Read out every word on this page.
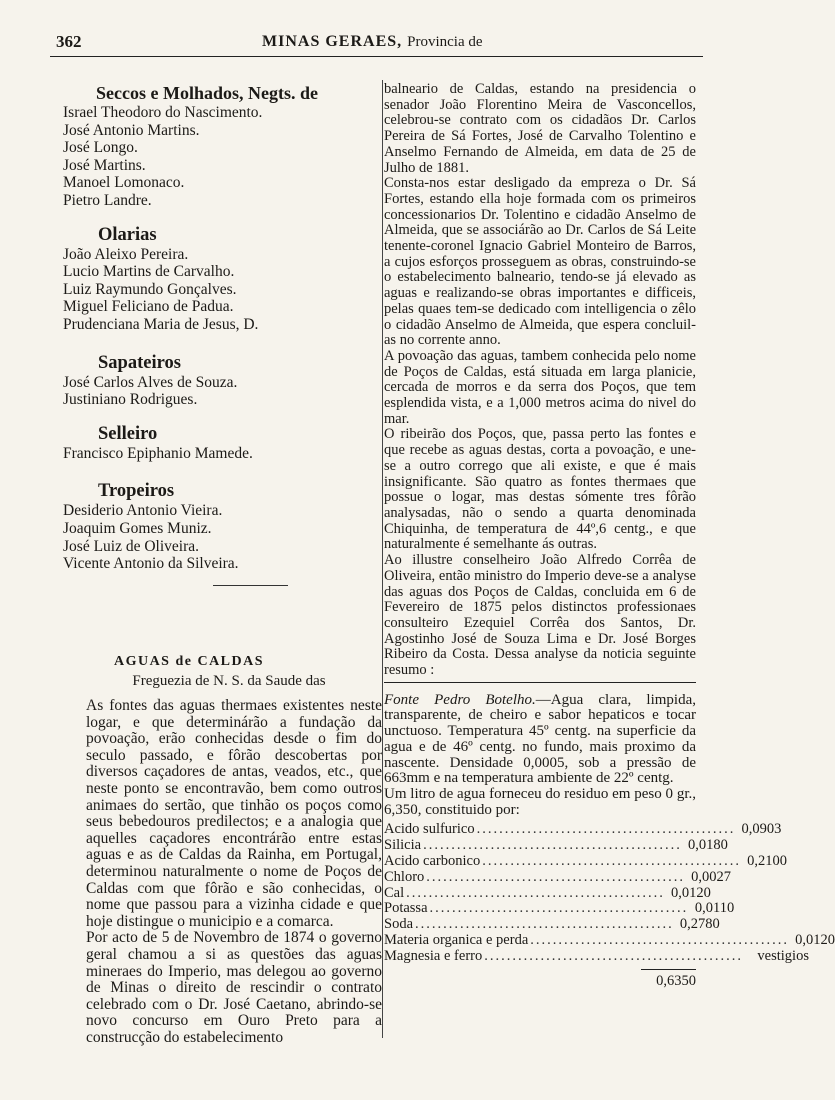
362	MINAS GERAES, Provincia de
Seccos e Molhados, Negts. de
Israel Theodoro do Nascimento.
José Antonio Martins.
José Longo.
José Martins.
Manoel Lomonaco.
Pietro Landre.
Olarias
João Aleixo Pereira.
Lucio Martins de Carvalho.
Luiz Raymundo Gonçalves.
Miguel Feliciano de Padua.
Prudenciana Maria de Jesus, D.
Sapateiros
José Carlos Alves de Souza.
Justiniano Rodrigues.
Selleiro
Francisco Epiphanio Mamede.
Tropeiros
Desiderio Antonio Vieira.
Joaquim Gomes Muniz.
José Luiz de Oliveira.
Vicente Antonio da Silveira.
AGUAS de CALDAS
Freguezia de N. S. da Saude das

As fontes das aguas thermaes existentes neste logar, e que determinárão a fundação da povoação, erão conhecidas desde o fim do seculo passado, e fôrão descobertas por diversos caçadores de antas, veados, etc., que neste ponto se encontravão, bem como outros animaes do sertão, que tinhão os poços como seus bebedouros predilectos; e a analogia que aquelles caçadores encontrárão entre estas aguas e as de Caldas da Rainha, em Portugal, determinou naturalmente o nome de Poços de Caldas com que fôrão e são conhecidas, o nome que passou para a vizinha cidade e que hoje distingue o municipio e a comarca.

Por acto de 5 de Novembro de 1874 o governo geral chamou a si as questões das aguas mineraes do Imperio, mas delegou ao governo de Minas o direito de rescindir o contrato celebrado com o Dr. José Caetano, abrindo-se novo concurso em Ouro Preto para a construcção do estabelecimento

balneario de Caldas, estando na presidencia o senador João Florentino Meira de Vasconcellos, celebrou-se contrato com os cidadãos Dr. Carlos Pereira de Sá Fortes, José de Carvalho Tolentino e Anselmo Fernando de Almeida, em data de 25 de Julho de 1881.

Consta-nos estar desligado da empreza o Dr. Sá Fortes, estando ella hoje formada com os primeiros concessionarios Dr. Tolentino e cidadão Anselmo de Almeida, que se associárão ao Dr. Carlos de Sá Leite tenente-coronel Ignacio Gabriel Monteiro de Barros, a cujos esforços prosseguem as obras, construindo-se o estabelecimento balneario, tendo-se já elevado as aguas e realizando-se obras importantes e difficeis, pelas quaes tem-se dedicado com intelligencia o zêlo o cidadão Anselmo de Almeida, que espera concluil-as no corrente anno.

A povoação das aguas, tambem conhecida pelo nome de Poços de Caldas, está situada em larga planicie, cercada de morros e da serra dos Poços, que tem esplendida vista, e a 1,000 metros acima do nivel do mar.

O ribeirão dos Poços, que, passa perto las fontes e que recebe as aguas destas, corta a povoação, e une-se a outro corrego que ali existe, e que é mais insignificante. São quatro as fontes thermaes que possue o logar, mas destas sómente tres fôrão analysadas, não o sendo a quarta denominada Chiquinha, de temperatura de 44º,6 centg., e que naturalmente é semelhante ás outras.

Ao illustre conselheiro João Alfredo Corrêa de Oliveira, então ministro do Imperio deve-se a analyse das aguas dos Poços de Caldas, concluida em 6 de Fevereiro de 1875 pelos distinctos professionaes consulteiro Ezequiel Corrêa dos Santos, Dr. Agostinho José de Souza Lima e Dr. José Borges Ribeiro da Costa. Dessa analyse da noticia seguinte resumo :

Fonte Pedro Botelho.—Agua clara, limpida, transparente, de cheiro e sabor hepaticos e tocar unctuoso. Temperatura 45º centg. na superficie da agua e de 46º centg. no fundo, mais proximo da nascente. Densidade 0,0005, sob a pressão de 663mm e na temperatura ambiente de 22º centg.

Um litro de agua forneceu do residuo em peso 0 gr., 6,350, constituido por:

Acido sulfurico .............................................. 0,0903
Silicia .............................................. 0,0180
Acido carbonico .............................................. 0,2100
Chloro .............................................. 0,0027
Cal .............................................. 0,0120
Potassa .............................................. 0,0110
Soda .............................................. 0,2780
Materia organica e perda .............................................. 0,0120
Magnesia e ferro .............................................. vestigios
0,6350
